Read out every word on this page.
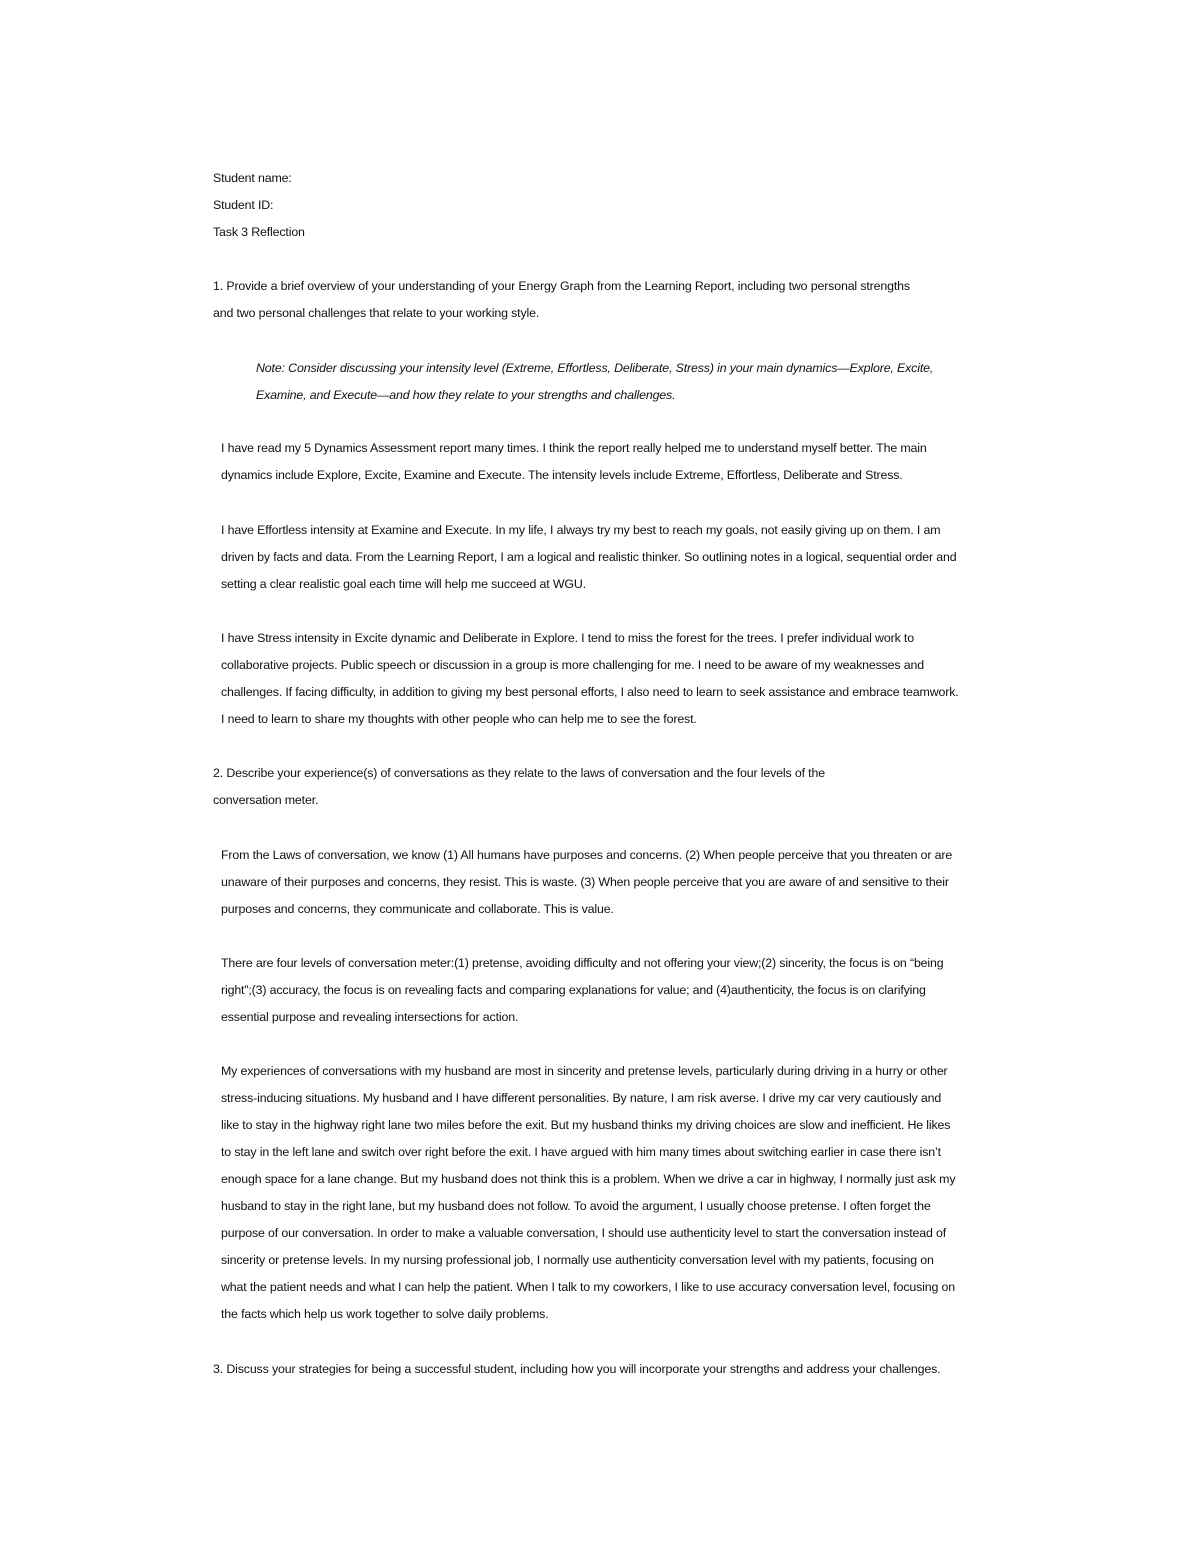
Student name:
Student ID:
Task 3 Reflection
1. Provide a brief overview of your understanding of your Energy Graph from the Learning Report, including two personal strengths
and two personal challenges that relate to your working style.
Note: Consider discussing your intensity level (Extreme, Effortless, Deliberate, Stress) in your main dynamics—Explore, Excite,
Examine, and Execute—and how they relate to your strengths and challenges.
I have read my 5 Dynamics Assessment report many times. I think the report really helped me to understand myself better. The main
dynamics include Explore, Excite, Examine and Execute. The intensity levels include Extreme, Effortless, Deliberate and Stress.
I have Effortless intensity at Examine and Execute. In my life, I always try my best to reach my goals, not easily giving up on them. I am
driven by facts and data. From the Learning Report, I am a logical and realistic thinker. So outlining notes in a logical, sequential order and
setting a clear realistic goal each time will help me succeed at WGU.
I have Stress intensity in Excite dynamic and Deliberate in Explore. I tend to miss the forest for the trees. I prefer individual work to
collaborative projects. Public speech or discussion in a group is more challenging for me. I need to be aware of my weaknesses and
challenges. If facing difficulty, in addition to giving my best personal efforts, I also need to learn to seek assistance and embrace teamwork.
I need to learn to share my thoughts with other people who can help me to see the forest.
2. Describe your experience(s) of conversations as they relate to the laws of conversation and the four levels of the
conversation meter.
From the Laws of conversation, we know (1) All humans have purposes and concerns. (2) When people perceive that you threaten or are
unaware of their purposes and concerns, they resist. This is waste. (3) When people perceive that you are aware of and sensitive to their
purposes and concerns, they communicate and collaborate. This is value.
There are four levels of conversation meter:(1) pretense, avoiding difficulty and not offering your view;(2) sincerity, the focus is on “being
right”;(3) accuracy, the focus is on revealing facts and comparing explanations for value; and (4)authenticity, the focus is on clarifying
essential purpose and revealing intersections for action.
My experiences of conversations with my husband are most in sincerity and pretense levels, particularly during driving in a hurry or other
stress-inducing situations. My husband and I have different personalities. By nature, I am risk averse. I drive my car very cautiously and
like to stay in the highway right lane two miles before the exit. But my husband thinks my driving choices are slow and inefficient. He likes
to stay in the left lane and switch over right before the exit. I have argued with him many times about switching earlier in case there isn’t
enough space for a lane change. But my husband does not think this is a problem. When we drive a car in highway, I normally just ask my
husband to stay in the right lane, but my husband does not follow. To avoid the argument, I usually choose pretense. I often forget the
purpose of our conversation. In order to make a valuable conversation, I should use authenticity level to start the conversation instead of
sincerity or pretense levels. In my nursing professional job, I normally use authenticity conversation level with my patients, focusing on
what the patient needs and what I can help the patient. When I talk to my coworkers, I like to use accuracy conversation level, focusing on
the facts which help us work together to solve daily problems.
3. Discuss your strategies for being a successful student, including how you will incorporate your strengths and address your challenges.
